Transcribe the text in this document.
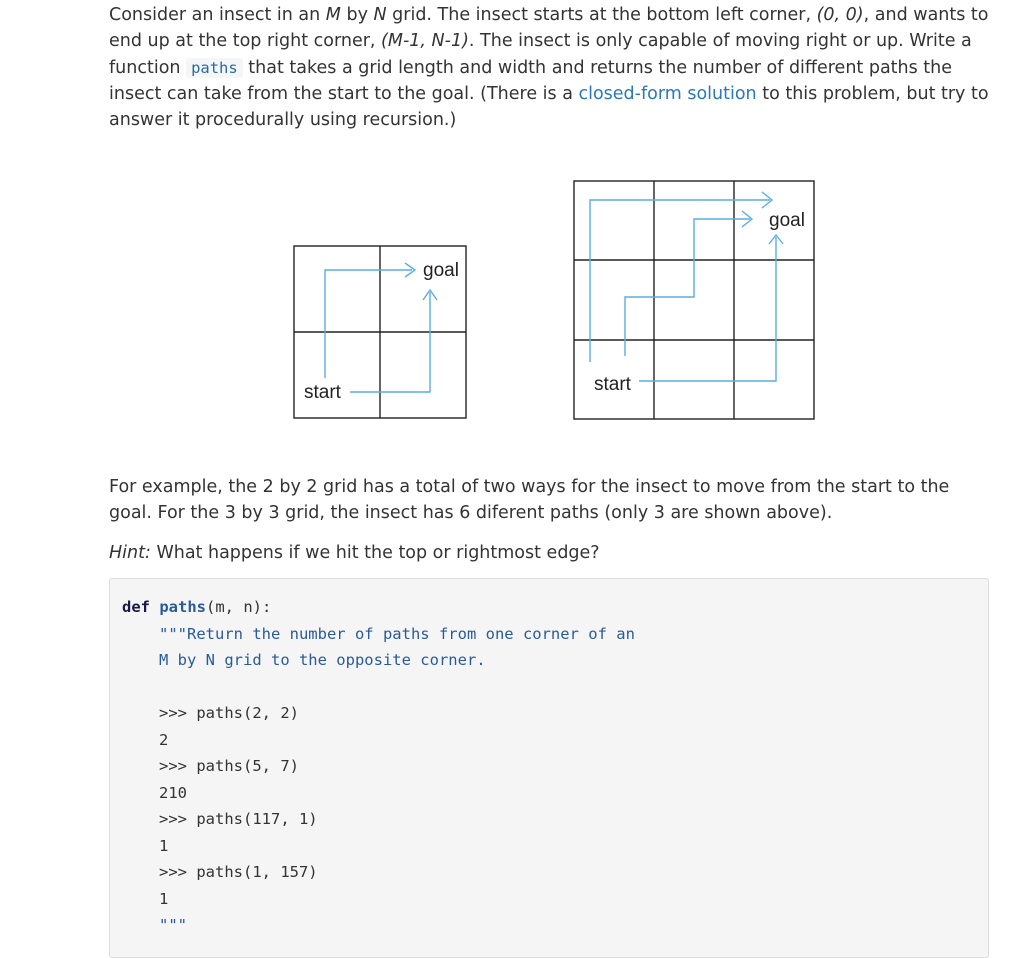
Consider an insect in an M by N grid. The insect starts at the bottom left corner, (0, 0), and wants to end up at the top right corner, (M-1, N-1). The insect is only capable of moving right or up. Write a function paths that takes a grid length and width and returns the number of different paths the insect can take from the start to the goal. (There is a closed-form solution to this problem, but try to answer it procedurally using recursion.)

start
goal
start
goal

For example, the 2 by 2 grid has a total of two ways for the insect to move from the start to the goal. For the 3 by 3 grid, the insect has 6 diferent paths (only 3 are shown above).

Hint: What happens if we hit the top or rightmost edge?

def paths(m, n):
"""Return the number of paths from one corner of an
M by N grid to the opposite corner.

>>> paths(2, 2)
2
>>> paths(5, 7)
210
>>> paths(117, 1)
1
>>> paths(1, 157)
1
"""
